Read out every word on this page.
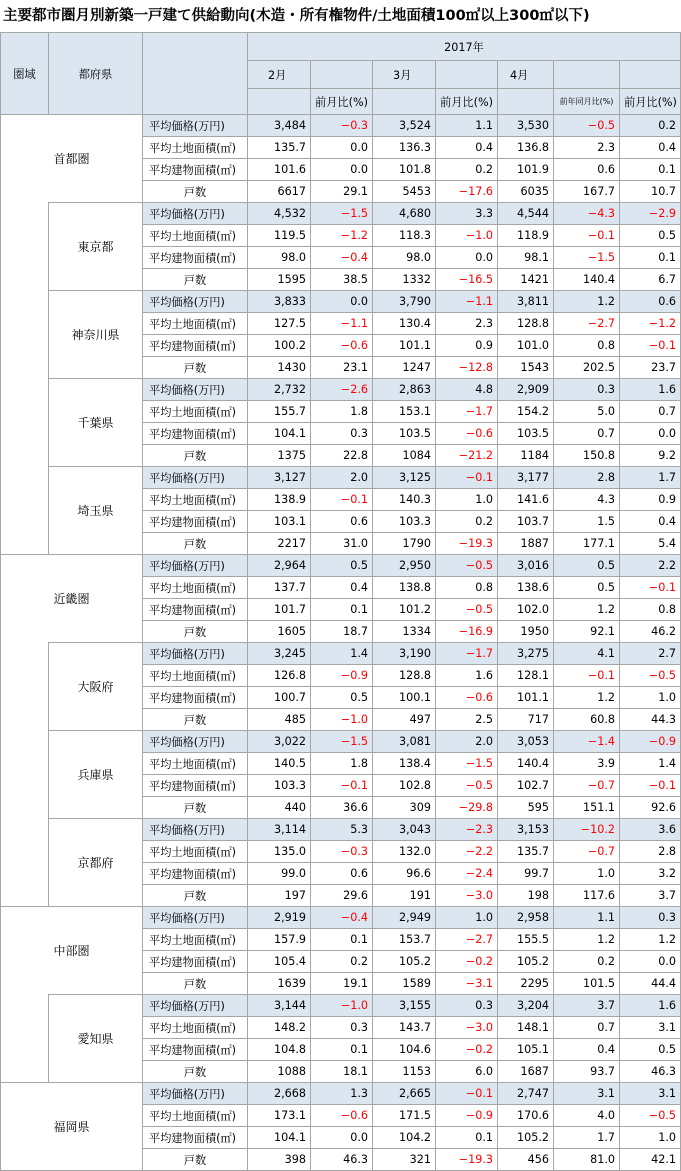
主要都市圏月別新築一戸建て供給動向(木造・所有権物件/土地面積100㎡以上300㎡以下)
圏域	都府県		2017年						
			2月		3月		4月		
				前月比(%)		前月比(%)		前年同月比(%)	前月比(%)
首都圏		平均価格(万円)	3,484	−0.3	3,524	1.1	3,530	−0.5	0.2
		平均土地面積(㎡)	135.7	0.0	136.3	0.4	136.8	2.3	0.4
		平均建物面積(㎡)	101.6	0.0	101.8	0.2	101.9	0.6	0.1
		戸数	6617	29.1	5453	−17.6	6035	167.7	10.7
	東京都	平均価格(万円)	4,532	−1.5	4,680	3.3	4,544	−4.3	−2.9
		平均土地面積(㎡)	119.5	−1.2	118.3	−1.0	118.9	−0.1	0.5
		平均建物面積(㎡)	98.0	−0.4	98.0	0.0	98.1	−1.5	0.1
		戸数	1595	38.5	1332	−16.5	1421	140.4	6.7
	神奈川県	平均価格(万円)	3,833	0.0	3,790	−1.1	3,811	1.2	0.6
		平均土地面積(㎡)	127.5	−1.1	130.4	2.3	128.8	−2.7	−1.2
		平均建物面積(㎡)	100.2	−0.6	101.1	0.9	101.0	0.8	−0.1
		戸数	1430	23.1	1247	−12.8	1543	202.5	23.7
	千葉県	平均価格(万円)	2,732	−2.6	2,863	4.8	2,909	0.3	1.6
		平均土地面積(㎡)	155.7	1.8	153.1	−1.7	154.2	5.0	0.7
		平均建物面積(㎡)	104.1	0.3	103.5	−0.6	103.5	0.7	0.0
		戸数	1375	22.8	1084	−21.2	1184	150.8	9.2
	埼玉県	平均価格(万円)	3,127	2.0	3,125	−0.1	3,177	2.8	1.7
		平均土地面積(㎡)	138.9	−0.1	140.3	1.0	141.6	4.3	0.9
		平均建物面積(㎡)	103.1	0.6	103.3	0.2	103.7	1.5	0.4
		戸数	2217	31.0	1790	−19.3	1887	177.1	5.4
近畿圏		平均価格(万円)	2,964	0.5	2,950	−0.5	3,016	0.5	2.2
		平均土地面積(㎡)	137.7	0.4	138.8	0.8	138.6	0.5	−0.1
		平均建物面積(㎡)	101.7	0.1	101.2	−0.5	102.0	1.2	0.8
		戸数	1605	18.7	1334	−16.9	1950	92.1	46.2
	大阪府	平均価格(万円)	3,245	1.4	3,190	−1.7	3,275	4.1	2.7
		平均土地面積(㎡)	126.8	−0.9	128.8	1.6	128.1	−0.1	−0.5
		平均建物面積(㎡)	100.7	0.5	100.1	−0.6	101.1	1.2	1.0
		戸数	485	−1.0	497	2.5	717	60.8	44.3
	兵庫県	平均価格(万円)	3,022	−1.5	3,081	2.0	3,053	−1.4	−0.9
		平均土地面積(㎡)	140.5	1.8	138.4	−1.5	140.4	3.9	1.4
		平均建物面積(㎡)	103.3	−0.1	102.8	−0.5	102.7	−0.7	−0.1
		戸数	440	36.6	309	−29.8	595	151.1	92.6
	京都府	平均価格(万円)	3,114	5.3	3,043	−2.3	3,153	−10.2	3.6
		平均土地面積(㎡)	135.0	−0.3	132.0	−2.2	135.7	−0.7	2.8
		平均建物面積(㎡)	99.0	0.6	96.6	−2.4	99.7	1.0	3.2
		戸数	197	29.6	191	−3.0	198	117.6	3.7
中部圏		平均価格(万円)	2,919	−0.4	2,949	1.0	2,958	1.1	0.3
		平均土地面積(㎡)	157.9	0.1	153.7	−2.7	155.5	1.2	1.2
		平均建物面積(㎡)	105.4	0.2	105.2	−0.2	105.2	0.2	0.0
		戸数	1639	19.1	1589	−3.1	2295	101.5	44.4
	愛知県	平均価格(万円)	3,144	−1.0	3,155	0.3	3,204	3.7	1.6
		平均土地面積(㎡)	148.2	0.3	143.7	−3.0	148.1	0.7	3.1
		平均建物面積(㎡)	104.8	0.1	104.6	−0.2	105.1	0.4	0.5
		戸数	1088	18.1	1153	6.0	1687	93.7	46.3
福岡県		平均価格(万円)	2,668	1.3	2,665	−0.1	2,747	3.1	3.1
		平均土地面積(㎡)	173.1	−0.6	171.5	−0.9	170.6	4.0	−0.5
		平均建物面積(㎡)	104.1	0.0	104.2	0.1	105.2	1.7	1.0
		戸数	398	46.3	321	−19.3	456	81.0	42.1
